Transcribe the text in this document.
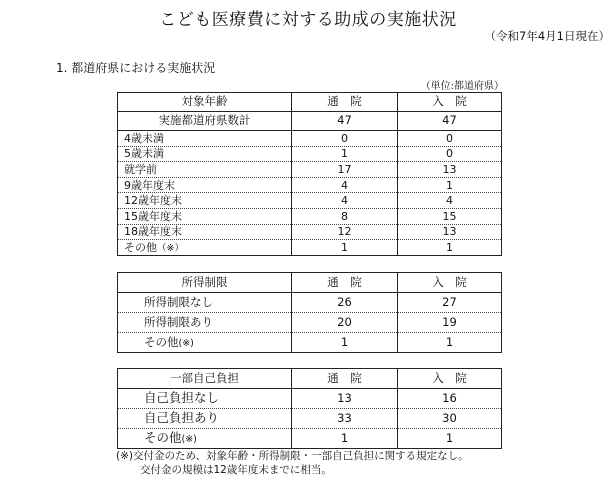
こども医療費に対する助成の実施状況
（令和7年4月1日現在）
1. 都道府県における実施状況
（単位:都道府県）
対象年齢	通　院	入　院
実施都道府県数計	47	47
4歳未満	0	0
5歳未満	1	0
就学前	17	13
9歳年度末	4	1
12歳年度末	4	4
15歳年度末	8	15
18歳年度末	12	13
その他（※）	1	1
所得制限	通　院	入　院
所得制限なし	26	27
所得制限あり	20	19
その他(※)	1	1
一部自己負担	通　院	入　院
自己負担なし	13	16
自己負担あり	33	30
その他(※)	1	1
(※)交付金のため、対象年齢・所得制限・一部自己負担に関する規定なし。
交付金の規模は12歳年度末までに相当。
